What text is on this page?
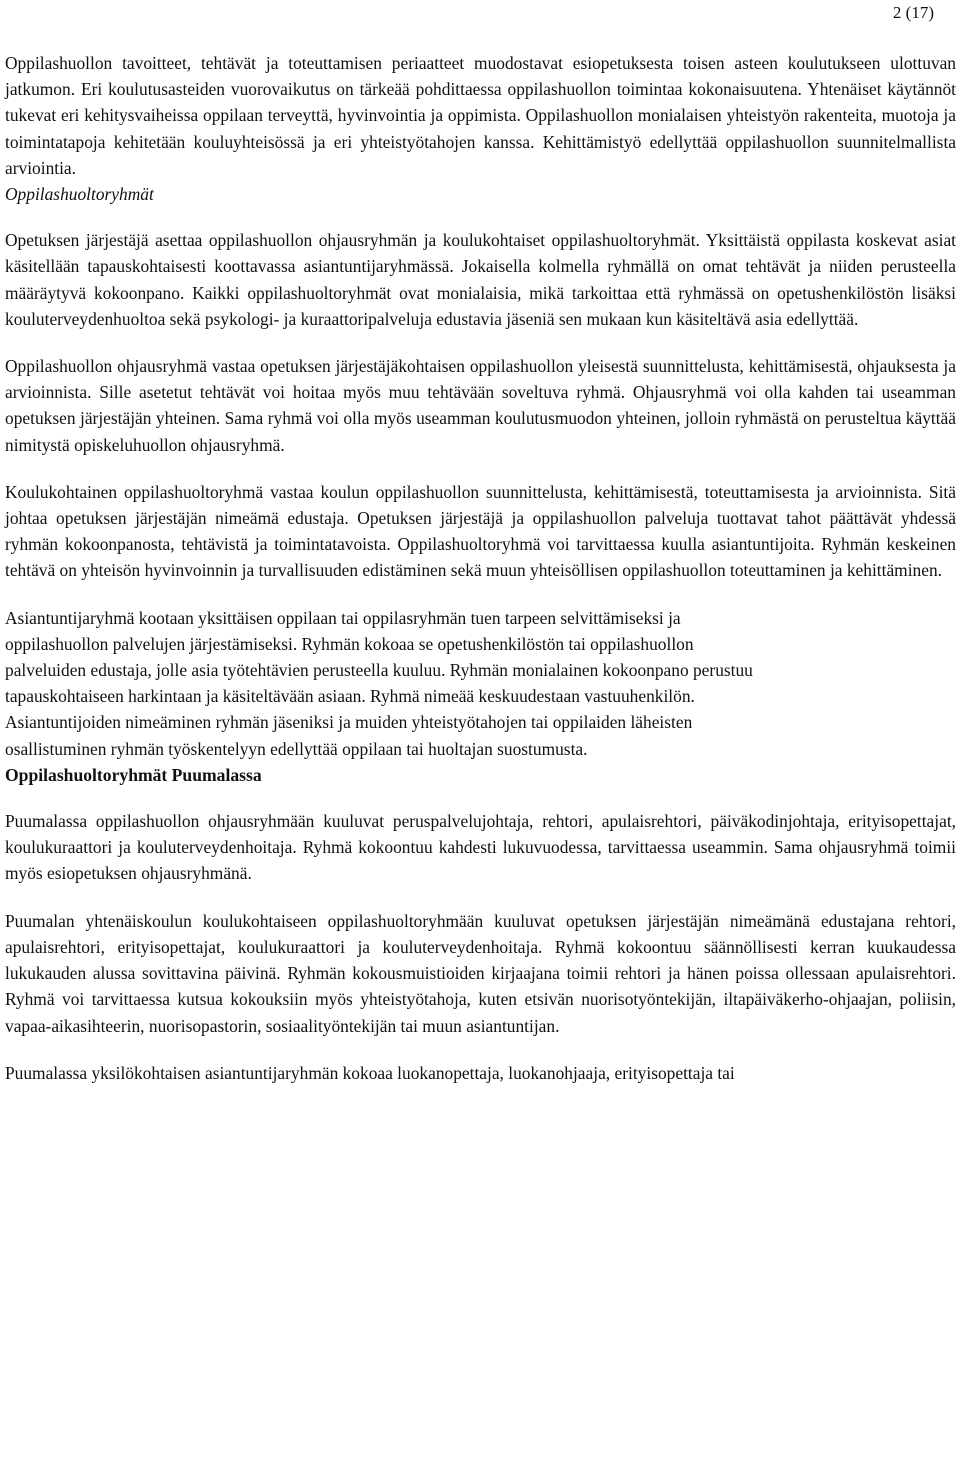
2 (17)

Oppilashuollon tavoitteet, tehtävät ja toteuttamisen periaatteet muodostavat esiopetuksesta toisen asteen koulutukseen ulottuvan jatkumon. Eri koulutusasteiden vuorovaikutus on tärkeää pohdittaessa oppilashuollon toimintaa kokonaisuutena. Yhtenäiset käytännöt tukevat eri kehitysvaiheissa oppilaan terveyttä, hyvinvointia ja oppimista. Oppilashuollon monialaisen yhteistyön rakenteita, muotoja ja toimintatapoja kehitetään kouluyhteisössä ja eri yhteistyötahojen kanssa. Kehittämistyö edellyttää oppilashuollon suunnitelmallista arviointia.

Oppilashuoltoryhmät

Opetuksen järjestäjä asettaa oppilashuollon ohjausryhmän ja koulukohtaiset oppilashuoltoryhmät. Yksittäistä oppilasta koskevat asiat käsitellään tapauskohtaisesti koottavassa asiantuntijaryhmässä. Jokaisella kolmella ryhmällä on omat tehtävät ja niiden perusteella määräytyvä kokoonpano. Kaikki oppilashuoltoryhmät ovat monialaisia, mikä tarkoittaa että ryhmässä on opetushenkilöstön lisäksi kouluterveydenhuoltoa sekä psykologi- ja kuraattoripalveluja edustavia jäseniä sen mukaan kun käsiteltävä asia edellyttää.

Oppilashuollon ohjausryhmä vastaa opetuksen järjestäjäkohtaisen oppilashuollon yleisestä suunnittelusta, kehittämisestä, ohjauksesta ja arvioinnista. Sille asetetut tehtävät voi hoitaa myös muu tehtävään soveltuva ryhmä. Ohjausryhmä voi olla kahden tai useamman opetuksen järjestäjän yhteinen. Sama ryhmä voi olla myös useamman koulutusmuodon yhteinen, jolloin ryhmästä on perusteltua käyttää nimitystä opiskeluhuollon ohjausryhmä.

Koulukohtainen oppilashuoltoryhmä vastaa koulun oppilashuollon suunnittelusta, kehittämisestä, toteuttamisesta ja arvioinnista. Sitä johtaa opetuksen järjestäjän nimeämä edustaja. Opetuksen järjestäjä ja oppilashuollon palveluja tuottavat tahot päättävät yhdessä ryhmän kokoonpanosta, tehtävistä ja toimintatavoista. Oppilashuoltoryhmä voi tarvittaessa kuulla asiantuntijoita. Ryhmän keskeinen tehtävä on yhteisön hyvinvoinnin ja turvallisuuden edistäminen sekä muun yhteisöllisen oppilashuollon toteuttaminen ja kehittäminen.

Asiantuntijaryhmä kootaan yksittäisen oppilaan tai oppilasryhmän tuen tarpeen selvittämiseksi ja

oppilashuollon palvelujen järjestämiseksi. Ryhmän kokoaa se opetushenkilöstön tai oppilashuollon

palveluiden edustaja, jolle asia työtehtävien perusteella kuuluu. Ryhmän monialainen kokoonpano perustuu

tapauskohtaiseen harkintaan ja käsiteltävään asiaan. Ryhmä nimeää keskuudestaan vastuuhenkilön.

Asiantuntijoiden nimeäminen ryhmän jäseniksi ja muiden yhteistyötahojen tai oppilaiden läheisten

osallistuminen ryhmän työskentelyyn edellyttää oppilaan tai huoltajan suostumusta.

Oppilashuoltoryhmät Puumalassa

Puumalassa oppilashuollon ohjausryhmään kuuluvat peruspalvelujohtaja, rehtori, apulaisrehtori, päiväkodinjohtaja, erityisopettajat, koulukuraattori ja kouluterveydenhoitaja. Ryhmä kokoontuu kahdesti lukuvuodessa, tarvittaessa useammin. Sama ohjausryhmä toimii myös esiopetuksen ohjausryhmänä.

Puumalan yhtenäiskoulun koulukohtaiseen oppilashuoltoryhmään kuuluvat opetuksen järjestäjän nimeämänä edustajana rehtori, apulaisrehtori, erityisopettajat, koulukuraattori ja kouluterveydenhoitaja. Ryhmä kokoontuu säännöllisesti kerran kuukaudessa lukukauden alussa sovittavina päivinä. Ryhmän kokousmuistioiden kirjaajana toimii rehtori ja hänen poissa ollessaan apulaisrehtori. Ryhmä voi tarvittaessa kutsua kokouksiin myös yhteistyötahoja, kuten etsivän nuorisotyöntekijän, iltapäiväkerho-ohjaajan, poliisin, vapaa-aikasihteerin, nuorisopastorin, sosiaalityöntekijän tai muun asiantuntijan.

Puumalassa yksilökohtaisen asiantuntijaryhmän kokoaa luokanopettaja, luokanohjaaja, erityisopettaja tai
